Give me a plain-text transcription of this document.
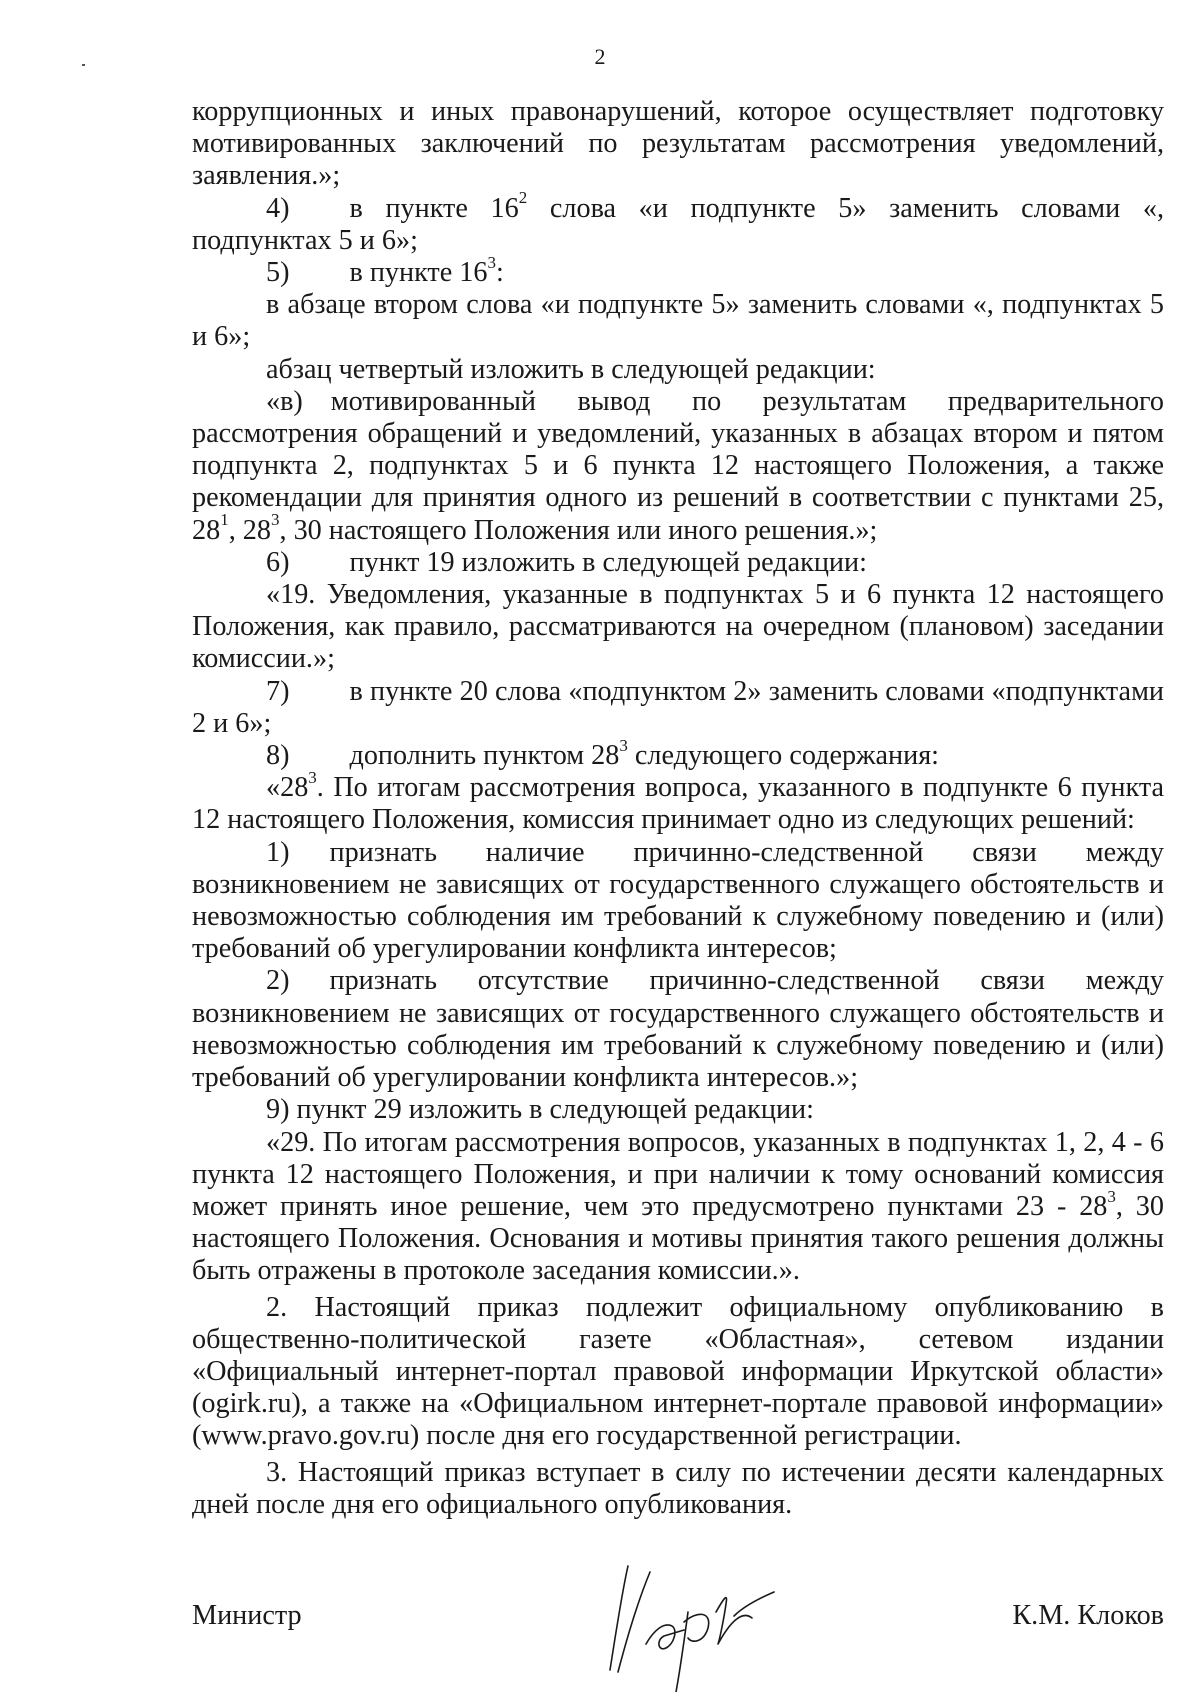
2

коррупционных и иных правонарушений, которое осуществляет подготовку мотивированных заключений по результатам рассмотрения уведомлений, заявления.»;

4) в пункте $16^2$ слова «и подпункте 5» заменить словами «, подпунктах 5 и 6»;

5) в пункте $16^3$:

в абзаце втором слова «и подпункте 5» заменить словами «, подпунктах 5 и 6»;

абзац четвертый изложить в следующей редакции:

«в) мотивированный вывод по результатам предварительного рассмотрения обращений и уведомлений, указанных в абзацах втором и пятом подпункта 2, подпунктах 5 и 6 пункта 12 настоящего Положения, а также рекомендации для принятия одного из решений в соответствии с пунктами 25, $28^1$, $28^3$, 30 настоящего Положения или иного решения.»;

6) пункт 19 изложить в следующей редакции:

«19. Уведомления, указанные в подпунктах 5 и 6 пункта 12 настоящего Положения, как правило, рассматриваются на очередном (плановом) заседании комиссии.»;

7) в пункте 20 слова «подпунктом 2» заменить словами «подпунктами 2 и 6»;

8) дополнить пунктом $28^3$ следующего содержания:

«$28^3$. По итогам рассмотрения вопроса, указанного в подпункте 6 пункта 12 настоящего Положения, комиссия принимает одно из следующих решений:

1) признать наличие причинно-следственной связи между возникновением не зависящих от государственного служащего обстоятельств и невозможностью соблюдения им требований к служебному поведению и (или) требований об урегулировании конфликта интересов;

2) признать отсутствие причинно-следственной связи между возникновением не зависящих от государственного служащего обстоятельств и невозможностью соблюдения им требований к служебному поведению и (или) требований об урегулировании конфликта интересов.»;

9) пункт 29 изложить в следующей редакции:

«29. По итогам рассмотрения вопросов, указанных в подпунктах 1, 2, 4 - 6 пункта 12 настоящего Положения, и при наличии к тому оснований комиссия может принять иное решение, чем это предусмотрено пунктами $23 - 28^3$, 30 настоящего Положения. Основания и мотивы принятия такого решения должны быть отражены в протоколе заседания комиссии.».

2. Настоящий приказ подлежит официальному опубликованию в общественно-политической газете «Областная», сетевом издании «Официальный интернет-портал правовой информации Иркутской области» (ogirk.ru), а также на «Официальном интернет-портале правовой информации» (www.pravo.gov.ru) после дня его государственной регистрации.

3. Настоящий приказ вступает в силу по истечении десяти календарных дней после дня его официального опубликования.

Министр	К.М. Клоков
